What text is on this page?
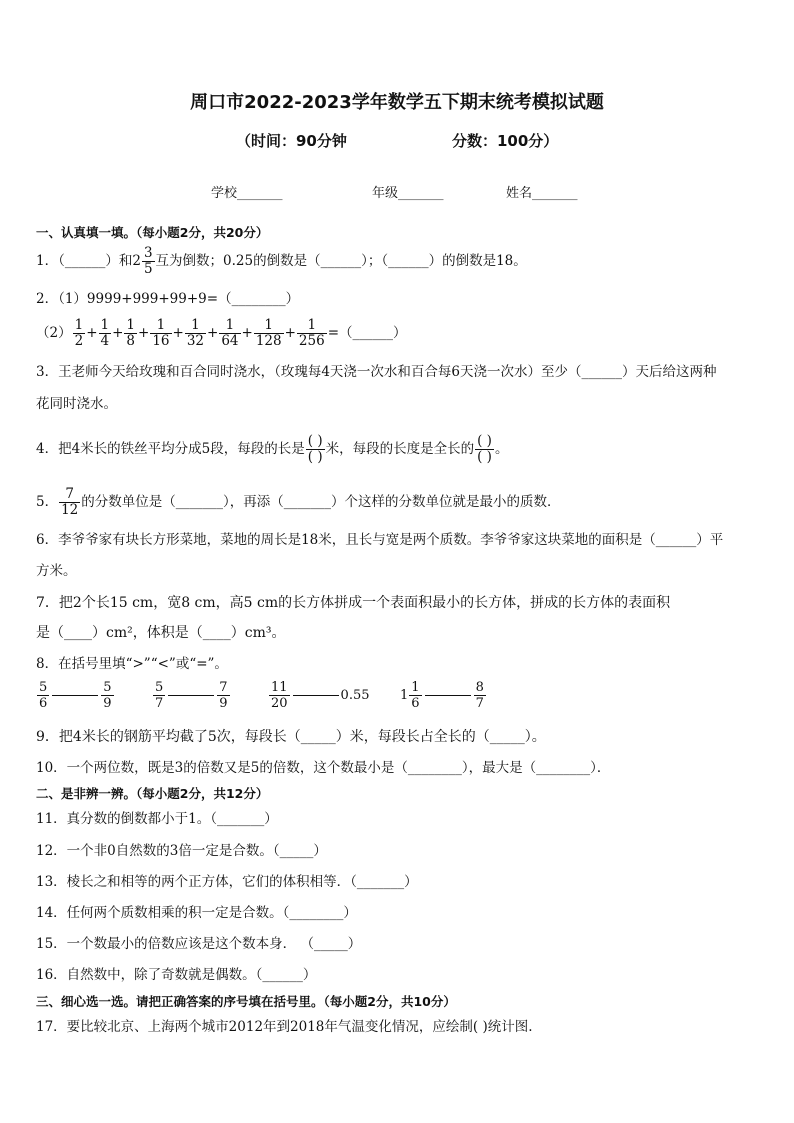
周口市2022-2023学年数学五下期末统考模拟试题
（时间：90分钟	分数：100分）
学校_______	年级_______	姓名_______
一、认真填一填。（每小题2分，共20分）
1．（______）和$2 \frac{3}{5}$ 互为倒数；0.25的倒数是（______）；（______）的倒数是18。
2．（1）9999+999+99+9=（________）
$(2) \frac{1}{2} + \frac{1}{4} + \frac{1}{8} + \frac{1}{16} + \frac{1}{32} + \frac{1}{64} + \frac{1}{128} + \frac{1}{256}$ =（______）
3．王老师今天给玫瑰和百合同时浇水，（玫瑰每4天浇一次水和百合每6天浇一次水）至少（______）天后给这两种
花同时浇水。
4．把4米长的铁丝平均分成5段，每段的长是 $\frac{( )}{( )}$ 米，每段的长度是全长的 $\frac{( )}{( )}$ 。
5． $\frac{7}{12}$ 的分数单位是（_______），再添（_______）个这样的分数单位就是最小的质数．
6．李爷爷家有块长方形菜地，菜地的周长是18米，且长与宽是两个质数。李爷爷家这块菜地的面积是（______）平
方米。
7．把2个长15 cm，宽8 cm，高5 cm的长方体拼成一个表面积最小的长方体，拼成的长方体的表面积
是（____）cm²，体积是（____）cm³。
8．在括号里填“>”“<”或“=”。
$\frac{5}{6}$	$\frac{5}{9}$	$\frac{5}{7}$	$\frac{7}{9}$	$\frac{11}{20}$	0.55 $1 \frac{1}{6}$	$\frac{8}{7}$
9．把4米长的钢筋平均截了5次，每段长（_____）米，每段长占全长的（_____）。
10．一个两位数，既是3的倍数又是5的倍数，这个数最小是（________），最大是（________）．
二、是非辨一辨。（每小题2分，共12分）
11．真分数的倒数都小于1。（_______）
12．一个非0自然数的3倍一定是合数。（_____）
13．棱长之和相等的两个正方体，它们的体积相等．（_______）
14．任何两个质数相乘的积一定是合数。（________）
15．一个数最小的倍数应该是这个数本身． （_____）
16．自然数中，除了奇数就是偶数。（______）
三、细心选一选。请把正确答案的序号填在括号里。（每小题2分，共10分）
17．要比较北京、上海两个城市2012年到2018年气温变化情况，应绘制( )统计图.
